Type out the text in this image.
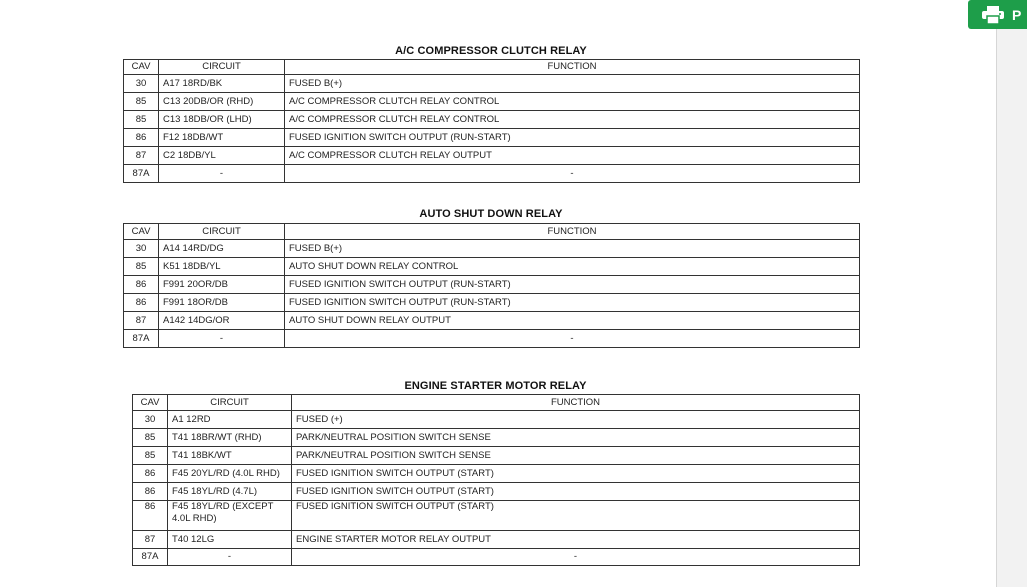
P
A/C COMPRESSOR CLUTCH RELAY
CAV	CIRCUIT	FUNCTION
30	A17 18RD/BK	FUSED B(+)
85	C13 20DB/OR (RHD)	A/C COMPRESSOR CLUTCH RELAY CONTROL
85	C13 18DB/OR (LHD)	A/C COMPRESSOR CLUTCH RELAY CONTROL
86	F12 18DB/WT	FUSED IGNITION SWITCH OUTPUT (RUN-START)
87	C2 18DB/YL	A/C COMPRESSOR CLUTCH RELAY OUTPUT
87A	-	-
AUTO SHUT DOWN RELAY
CAV	CIRCUIT	FUNCTION
30	A14 14RD/DG	FUSED B(+)
85	K51 18DB/YL	AUTO SHUT DOWN RELAY CONTROL
86	F991 20OR/DB	FUSED IGNITION SWITCH OUTPUT (RUN-START)
86	F991 18OR/DB	FUSED IGNITION SWITCH OUTPUT (RUN-START)
87	A142 14DG/OR	AUTO SHUT DOWN RELAY OUTPUT
87A	-	-
ENGINE STARTER MOTOR RELAY
CAV	CIRCUIT	FUNCTION
30	A1 12RD	FUSED (+)
85	T41 18BR/WT (RHD)	PARK/NEUTRAL POSITION SWITCH SENSE
85	T41 18BK/WT	PARK/NEUTRAL POSITION SWITCH SENSE
86	F45 20YL/RD (4.0L RHD)	FUSED IGNITION SWITCH OUTPUT (START)
86	F45 18YL/RD (4.7L)	FUSED IGNITION SWITCH OUTPUT (START)
86	F45 18YL/RD (EXCEPT 4.0L RHD)	FUSED IGNITION SWITCH OUTPUT (START)
87	T40 12LG	ENGINE STARTER MOTOR RELAY OUTPUT
87A	-	-
